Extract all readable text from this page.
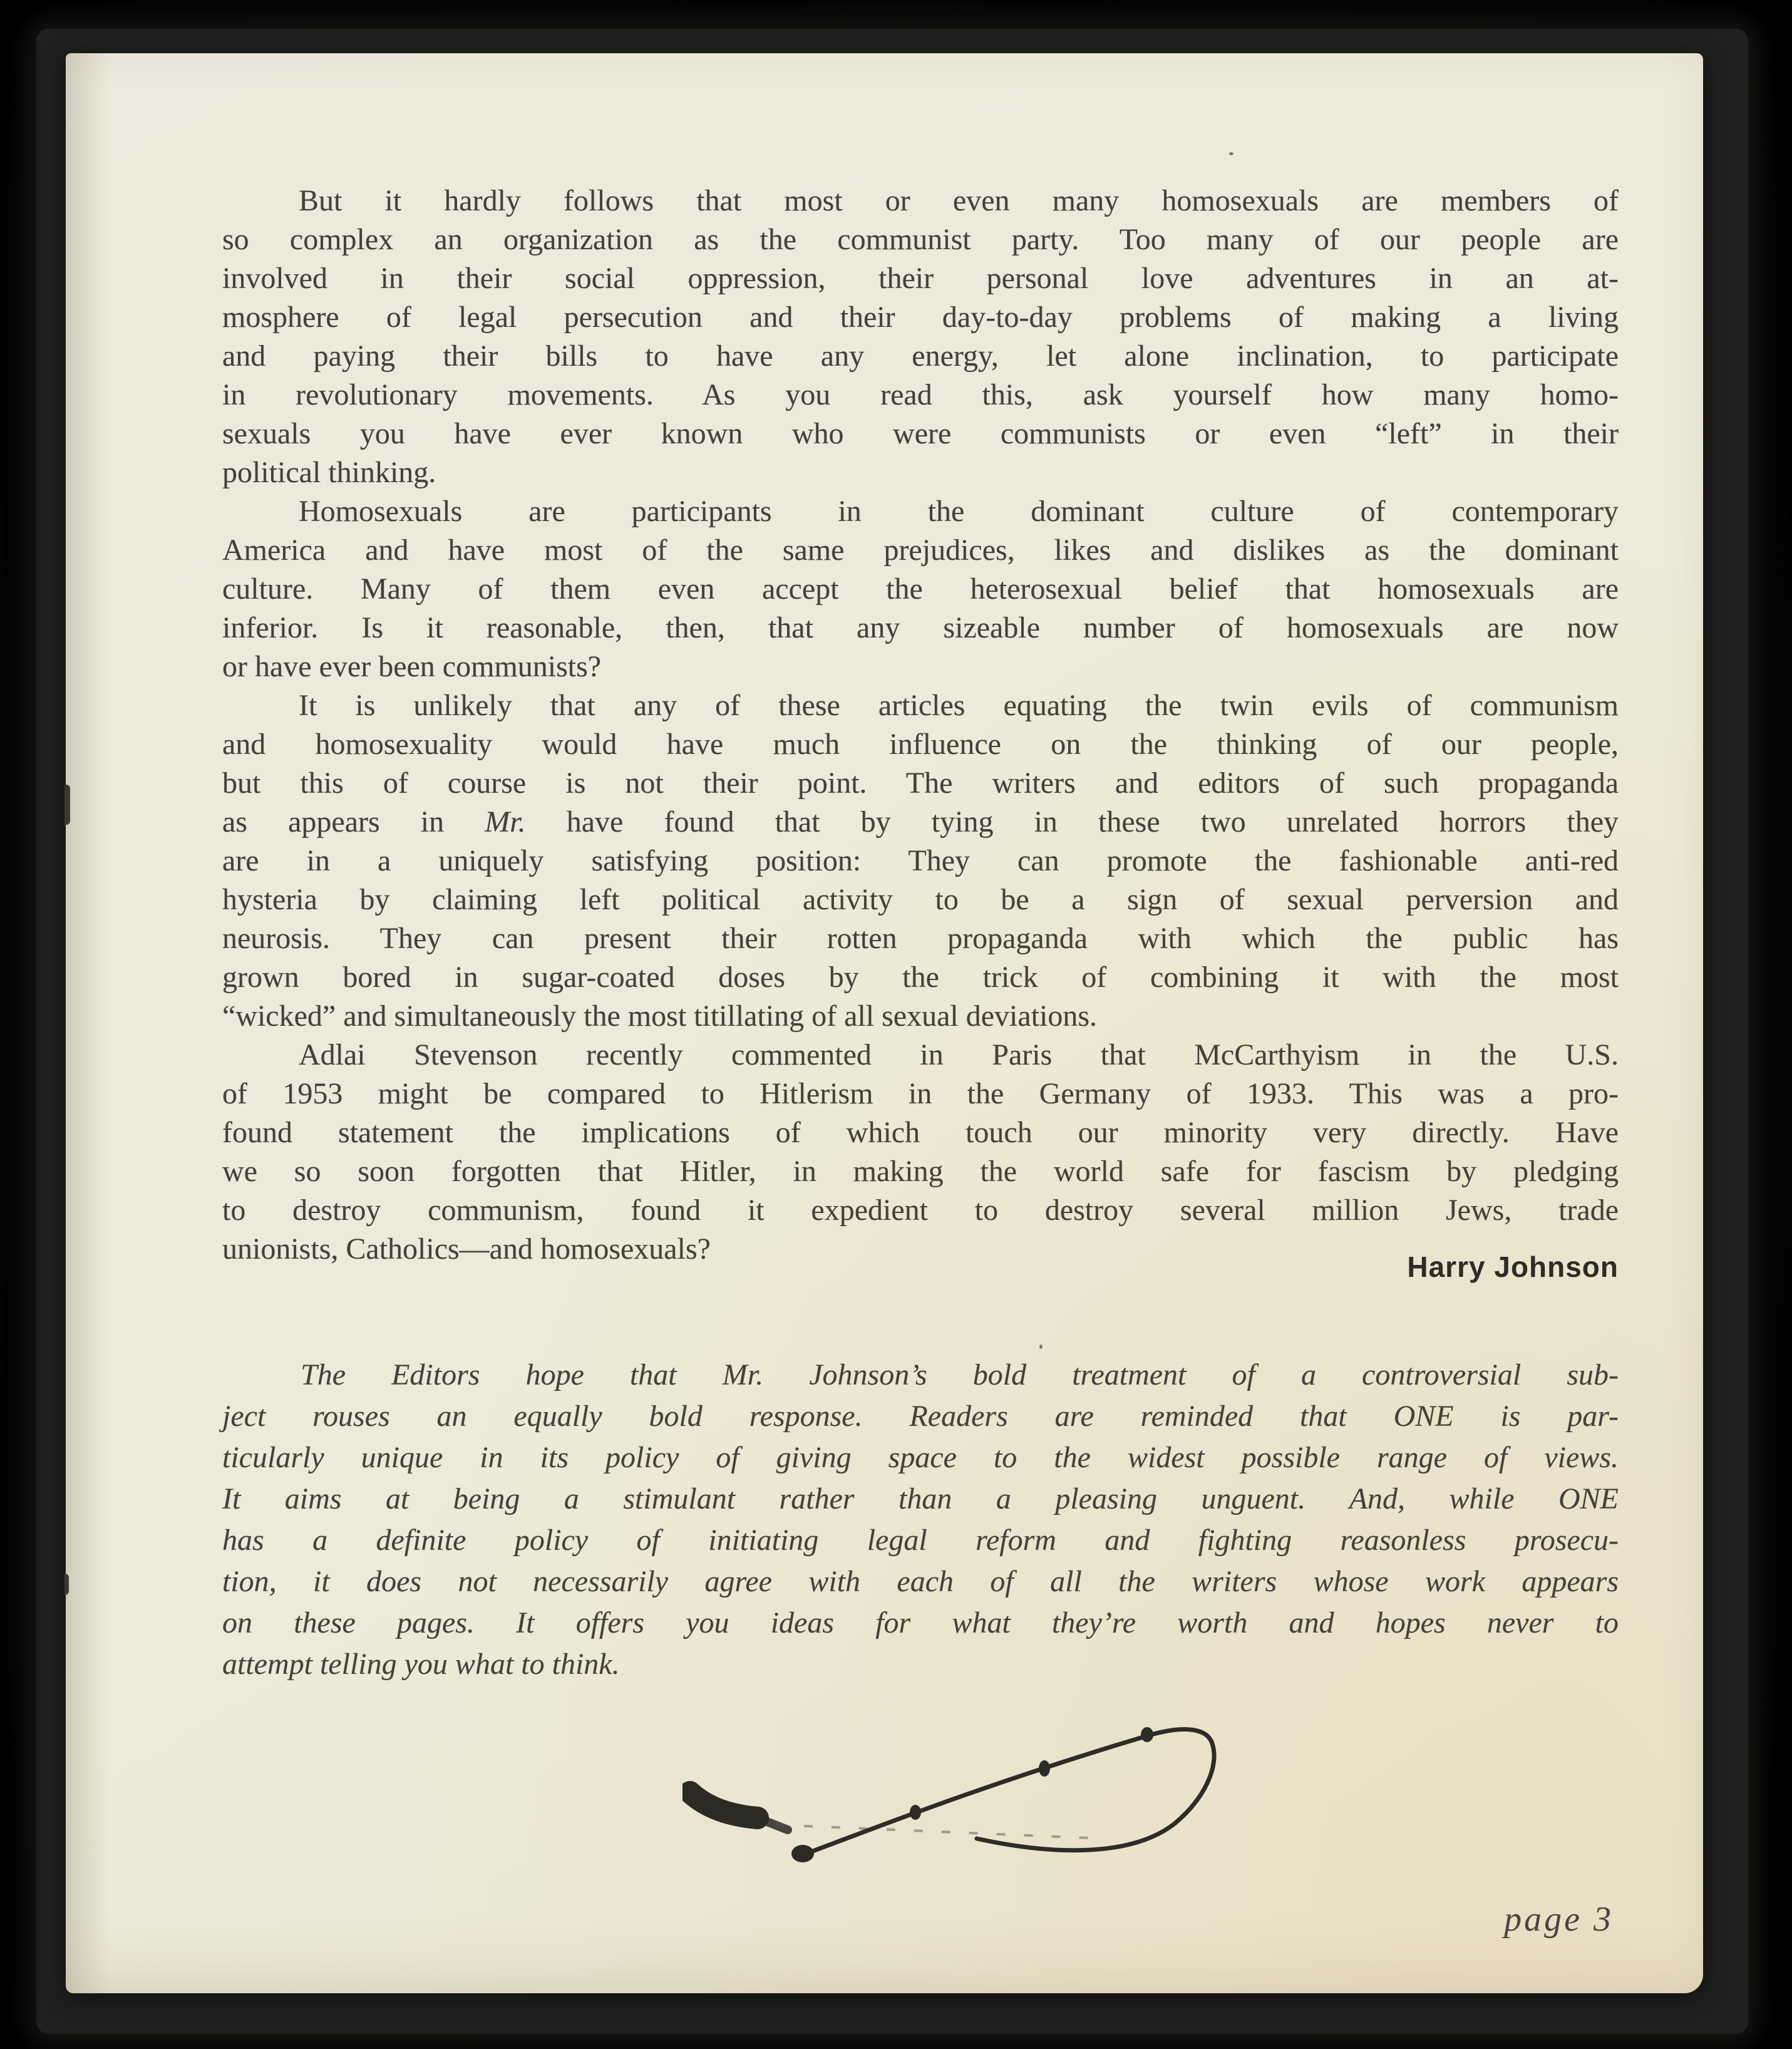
But it hardly follows that most or even many homosexuals are members of
so complex an organization as the communist party. Too many of our people are
involved in their social oppression, their personal love adventures in an at-
mosphere of legal persecution and their day-to-day problems of making a living
and paying their bills to have any energy, let alone inclination, to participate
in revolutionary movements. As you read this, ask yourself how many homo-
sexuals you have ever known who were communists or even “left” in their
political thinking.
Homosexuals are participants in the dominant culture of contemporary
America and have most of the same prejudices, likes and dislikes as the dominant
culture. Many of them even accept the heterosexual belief that homosexuals are
inferior. Is it reasonable, then, that any sizeable number of homosexuals are now
or have ever been communists?
It is unlikely that any of these articles equating the twin evils of communism
and homosexuality would have much influence on the thinking of our people,
but this of course is not their point. The writers and editors of such propaganda
as appears in Mr. have found that by tying in these two unrelated horrors they
are in a uniquely satisfying position: They can promote the fashionable anti-red
hysteria by claiming left political activity to be a sign of sexual perversion and
neurosis. They can present their rotten propaganda with which the public has
grown bored in sugar-coated doses by the trick of combining it with the most
“wicked” and simultaneously the most titillating of all sexual deviations.
Adlai Stevenson recently commented in Paris that McCarthyism in the U.S.
of 1953 might be compared to Hitlerism in the Germany of 1933. This was a pro-
found statement the implications of which touch our minority very directly. Have
we so soon forgotten that Hitler, in making the world safe for fascism by pledging
to destroy communism, found it expedient to destroy several million Jews, trade
unionists, Catholics—and homosexuals?
Harry Johnson
The Editors hope that Mr. Johnson’s bold treatment of a controversial sub-
ject rouses an equally bold response. Readers are reminded that ONE is par-
ticularly unique in its policy of giving space to the widest possible range of views.
It aims at being a stimulant rather than a pleasing unguent. And, while ONE
has a definite policy of initiating legal reform and fighting reasonless prosecu-
tion, it does not necessarily agree with each of all the writers whose work appears
on these pages. It offers you ideas for what they’re worth and hopes never to
attempt telling you what to think.
page 3
